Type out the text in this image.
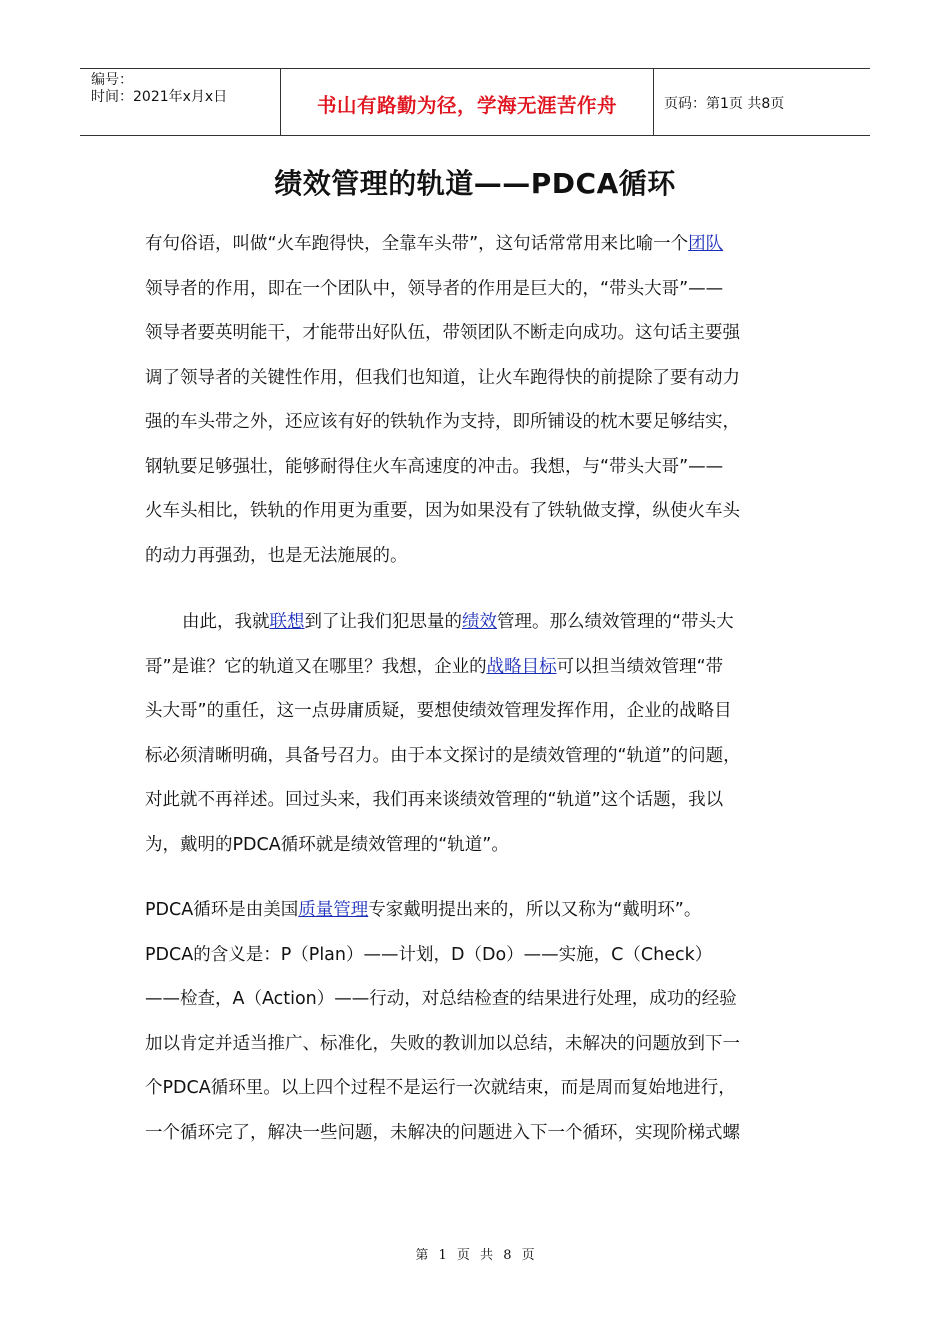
编号：
时间：2021年x月x日	书山有路勤为径，学海无涯苦作舟	页码：第1页 共8页
绩效管理的轨道——PDCA循环
有句俗语，叫做“火车跑得快，全靠车头带”，这句话常常用来比喻一个团队
领导者的作用，即在一个团队中，领导者的作用是巨大的，“带头大哥”——
领导者要英明能干，才能带出好队伍，带领团队不断走向成功。这句话主要强
调了领导者的关键性作用，但我们也知道，让火车跑得快的前提除了要有动力
强的车头带之外，还应该有好的铁轨作为支持，即所铺设的枕木要足够结实，
钢轨要足够强壮，能够耐得住火车高速度的冲击。我想，与“带头大哥”——
火车头相比，铁轨的作用更为重要，因为如果没有了铁轨做支撑，纵使火车头
的动力再强劲，也是无法施展的。
由此，我就联想到了让我们犯思量的绩效管理。那么绩效管理的“带头大
哥”是谁？它的轨道又在哪里？我想，企业的战略目标可以担当绩效管理“带
头大哥”的重任，这一点毋庸质疑，要想使绩效管理发挥作用，企业的战略目
标必须清晰明确，具备号召力。由于本文探讨的是绩效管理的“轨道”的问题，
对此就不再祥述。回过头来，我们再来谈绩效管理的“轨道”这个话题，我以
为，戴明的PDCA循环就是绩效管理的“轨道”。
PDCA循环是由美国质量管理专家戴明提出来的，所以又称为“戴明环”。
PDCA的含义是：P（Plan）——计划，D（Do）——实施，C（Check）
——检查，A（Action）——行动，对总结检查的结果进行处理，成功的经验
加以肯定并适当推广、标准化，失败的教训加以总结，未解决的问题放到下一
个PDCA循环里。以上四个过程不是运行一次就结束，而是周而复始地进行，
一个循环完了，解决一些问题，未解决的问题进入下一个循环，实现阶梯式螺
第 1 页 共 8 页
